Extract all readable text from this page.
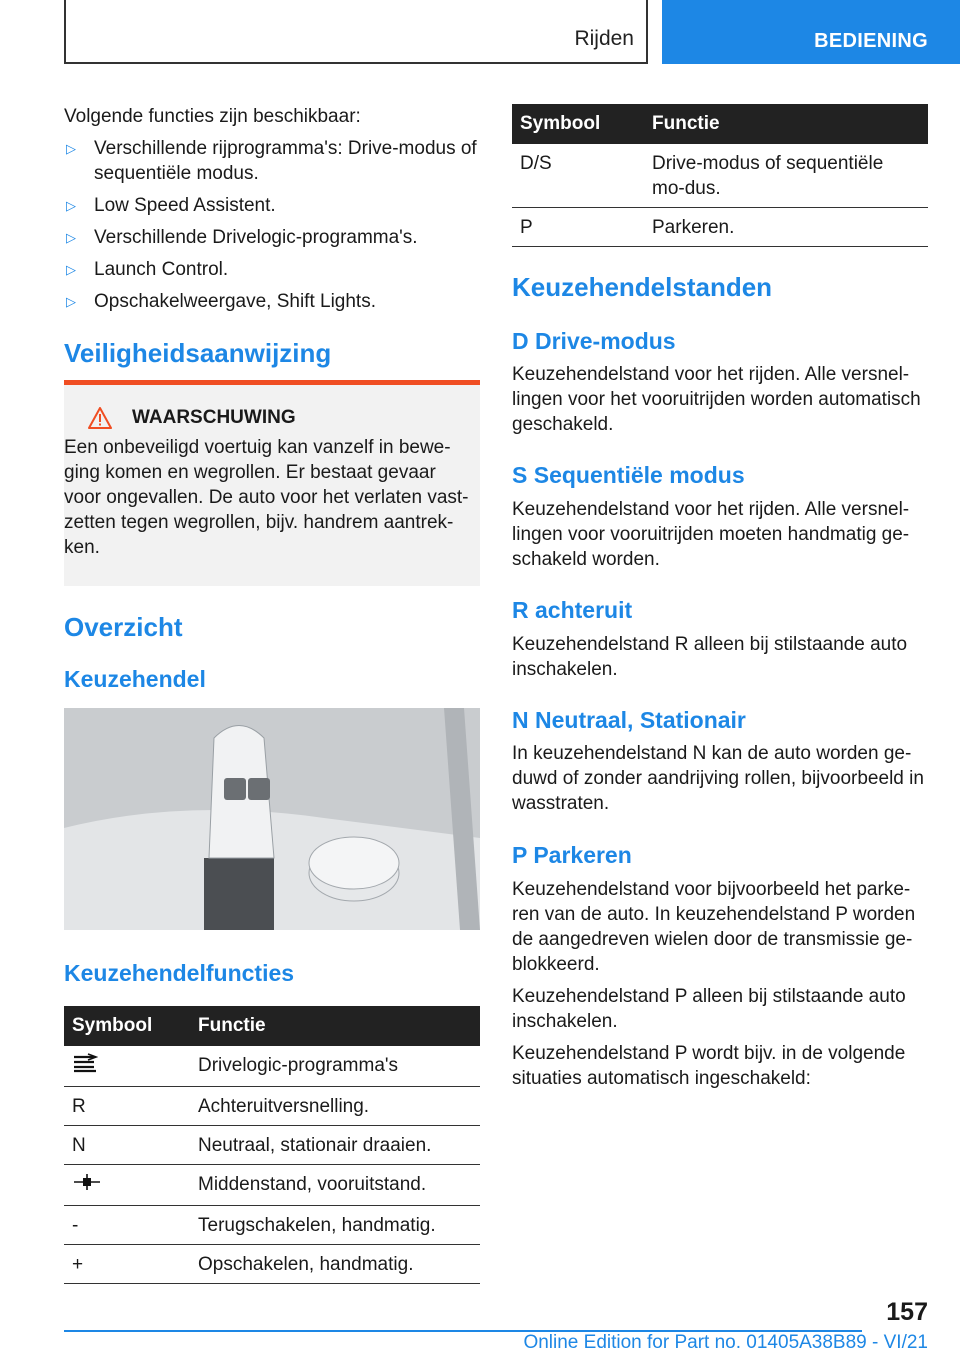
Rijden	BEDIENING

Volgende functies zijn beschikbaar:

▷ Verschillende rijprogramma's: Drive-modus of sequentiële modus.
▷ Low Speed Assistent.
▷ Verschillende Drivelogic-programma's.
▷ Launch Control.
▷ Opschakelweergave, Shift Lights.
Veiligheidsaanwijzing
WAARSCHUWING

Een onbeveiligd voertuig kan vanzelf in bewe-ging komen en wegrollen. Er bestaat gevaar voor ongevallen. De auto voor het verlaten vast-zetten tegen wegrollen, bijv. handrem aantrek-ken.

Overzicht
Keuzehendel
Keuzehendelfuncties
Symbool	Functie
	Drivelogic-programma's
R	Achteruitversnelling.
N	Neutraal, stationair draaien.
	Middenstand, vooruitstand.
-	Terugschakelen, handmatig.
+	Opschakelen, handmatig.
Symbool	Functie
D/S	Drive-modus of sequentiële mo-dus.
P	Parkeren.
Keuzehendelstanden
D Drive-modus

Keuzehendelstand voor het rijden. Alle versnel-lingen voor het vooruitrijden worden automatisch geschakeld.

S Sequentiële modus

Keuzehendelstand voor het rijden. Alle versnel-lingen voor vooruitrijden moeten handmatig ge-schakeld worden.

R achteruit

Keuzehendelstand R alleen bij stilstaande auto inschakelen.

N Neutraal, Stationair

In keuzehendelstand N kan de auto worden ge-duwd of zonder aandrijving rollen, bijvoorbeeld in wasstraten.

P Parkeren

Keuzehendelstand voor bijvoorbeeld het parke-ren van de auto. In keuzehendelstand P worden de aangedreven wielen door de transmissie ge-blokkeerd.

Keuzehendelstand P alleen bij stilstaande auto inschakelen.

Keuzehendelstand P wordt bijv. in de volgende situaties automatisch ingeschakeld:

157
Online Edition for Part no. 01405A38B89 - VI/21
